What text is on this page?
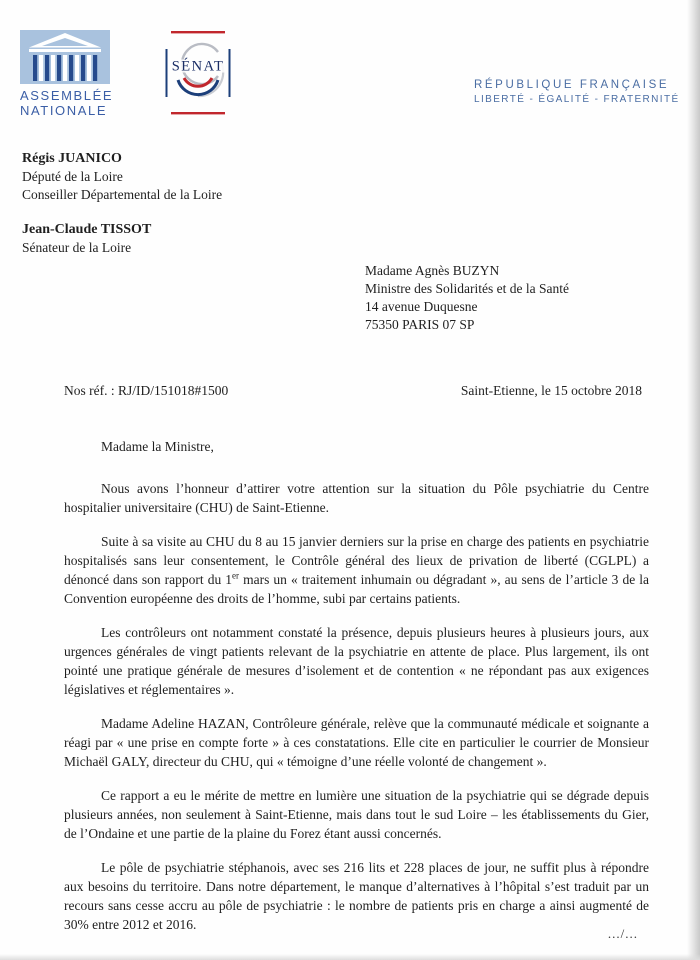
ASSEMBLÉE
NATIONALE
SÉNAT
RÉPUBLIQUE FRANÇAISE
LIBERTÉ - ÉGALITÉ - FRATERNITÉ
Régis JUANICO
Député de la Loire
Conseiller Départemental de la Loire
Jean-Claude TISSOT
Sénateur de la Loire
Madame Agnès BUZYN
Ministre des Solidarités et de la Santé
14 avenue Duquesne
75350 PARIS 07 SP
Nos réf. : RJ/ID/151018#1500	Saint-Etienne, le 15 octobre 2018
Madame la Ministre,

Nous avons l’honneur d’attirer votre attention sur la situation du Pôle psychiatrie du Centre hospitalier universitaire (CHU) de Saint-Etienne.

Suite à sa visite au CHU du 8 au 15 janvier derniers sur la prise en charge des patients en psychiatrie hospitalisés sans leur consentement, le Contrôle général des lieux de privation de liberté (CGLPL) a dénoncé dans son rapport du 1er mars un « traitement inhumain ou dégradant », au sens de l’article 3 de la Convention européenne des droits de l’homme, subi par certains patients.

Les contrôleurs ont notamment constaté la présence, depuis plusieurs heures à plusieurs jours, aux urgences générales de vingt patients relevant de la psychiatrie en attente de place. Plus largement, ils ont pointé une pratique générale de mesures d’isolement et de contention « ne répondant pas aux exigences législatives et réglementaires ».

Madame Adeline HAZAN, Contrôleure générale, relève que la communauté médicale et soignante a réagi par « une prise en compte forte » à ces constatations. Elle cite en particulier le courrier de Monsieur Michaël GALY, directeur du CHU, qui « témoigne d’une réelle volonté de changement ».

Ce rapport a eu le mérite de mettre en lumière une situation de la psychiatrie qui se dégrade depuis plusieurs années, non seulement à Saint-Etienne, mais dans tout le sud Loire – les établissements du Gier, de l’Ondaine et une partie de la plaine du Forez étant aussi concernés.

Le pôle de psychiatrie stéphanois, avec ses 216 lits et 228 places de jour, ne suffit plus à répondre aux besoins du territoire. Dans notre département, le manque d’alternatives à l’hôpital s’est traduit par un recours sans cesse accru au pôle de psychiatrie : le nombre de patients pris en charge a ainsi augmenté de 30% entre 2012 et 2016.

.../...
